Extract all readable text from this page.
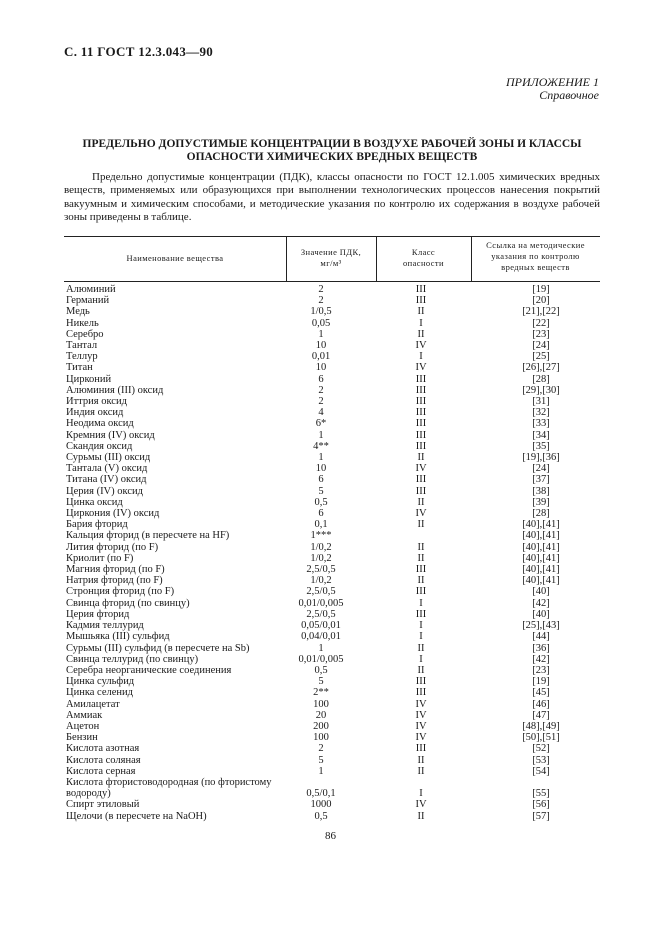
С. 11 ГОСТ 12.3.043—90
ПРИЛОЖЕНИЕ 1
Справочное
ПРЕДЕЛЬНО ДОПУСТИМЫЕ КОНЦЕНТРАЦИИ В ВОЗДУХЕ РАБОЧЕЙ ЗОНЫ И КЛАССЫ
ОПАСНОСТИ ХИМИЧЕСКИХ ВРЕДНЫХ ВЕЩЕСТВ
Предельно допустимые концентрации (ПДК), классы опасности по ГОСТ 12.1.005 химических вредных веществ, применяемых или образующихся при выполнении технологических процессов нанесения покрытий вакуумным и химическим способами, и методические указания по контролю их содержания в воздухе рабочей зоны приведены в таблице.
Наименование вещества
Значение ПДК,
мг/м³
Класс
опасности
Ссылка на методические
указания по контролю
вредных веществ
Алюминий	2	III	[19]
Германий	2	III	[20]
Медь	1/0,5	II	[21],[22]
Никель	0,05	I	[22]
Серебро	1	II	[23]
Тантал	10	IV	[24]
Теллур	0,01	I	[25]
Титан	10	IV	[26],[27]
Цирконий	6	III	[28]
Алюминия (III) оксид	2	III	[29],[30]
Иттрия оксид	2	III	[31]
Индия оксид	4	III	[32]
Неодима оксид	6*	III	[33]
Кремния (IV) оксид	1	III	[34]
Скандия оксид	4**	III	[35]
Сурьмы (III) оксид	1	II	[19],[36]
Тантала (V) оксид	10	IV	[24]
Титана (IV) оксид	6	III	[37]
Церия (IV) оксид	5	III	[38]
Цинка оксид	0,5	II	[39]
Циркония (IV) оксид	6	IV	[28]
Бария фторид	0,1	II	[40],[41]
Кальция фторид (в пересчете на HF)	1***		[40],[41]
Лития фторид (по F)	1/0,2	II	[40],[41]
Криолит (по F)	1/0,2	II	[40],[41]
Магния фторид (по F)	2,5/0,5	III	[40],[41]
Натрия фторид (по F)	1/0,2	II	[40],[41]
Стронция фторид (по F)	2,5/0,5	III	[40]
Свинца фторид (по свинцу)	0,01/0,005	I	[42]
Церия фторид	2,5/0,5	III	[40]
Кадмия теллурид	0,05/0,01	I	[25],[43]
Мышьяка (III) сульфид	0,04/0,01	I	[44]
Сурьмы (III) сульфид (в пересчете на Sb)	1	II	[36]
Свинца теллурид (по свинцу)	0,01/0,005	I	[42]
Серебра неорганические соединения	0,5	II	[23]
Цинка сульфид	5	III	[19]
Цинка селенид	2**	III	[45]
Амилацетат	100	IV	[46]
Аммиак	20	IV	[47]
Ацетон	200	IV	[48],[49]
Бензин	100	IV	[50],[51]
Кислота азотная	2	III	[52]
Кислота соляная	5	II	[53]
Кислота серная	1	II	[54]
Кислота фтористоводородная (по фтористому водороду)	0,5/0,1	I	[55]
Спирт этиловый	1000	IV	[56]
Щелочи (в пересчете на NaOH)	0,5	II	[57]
86
